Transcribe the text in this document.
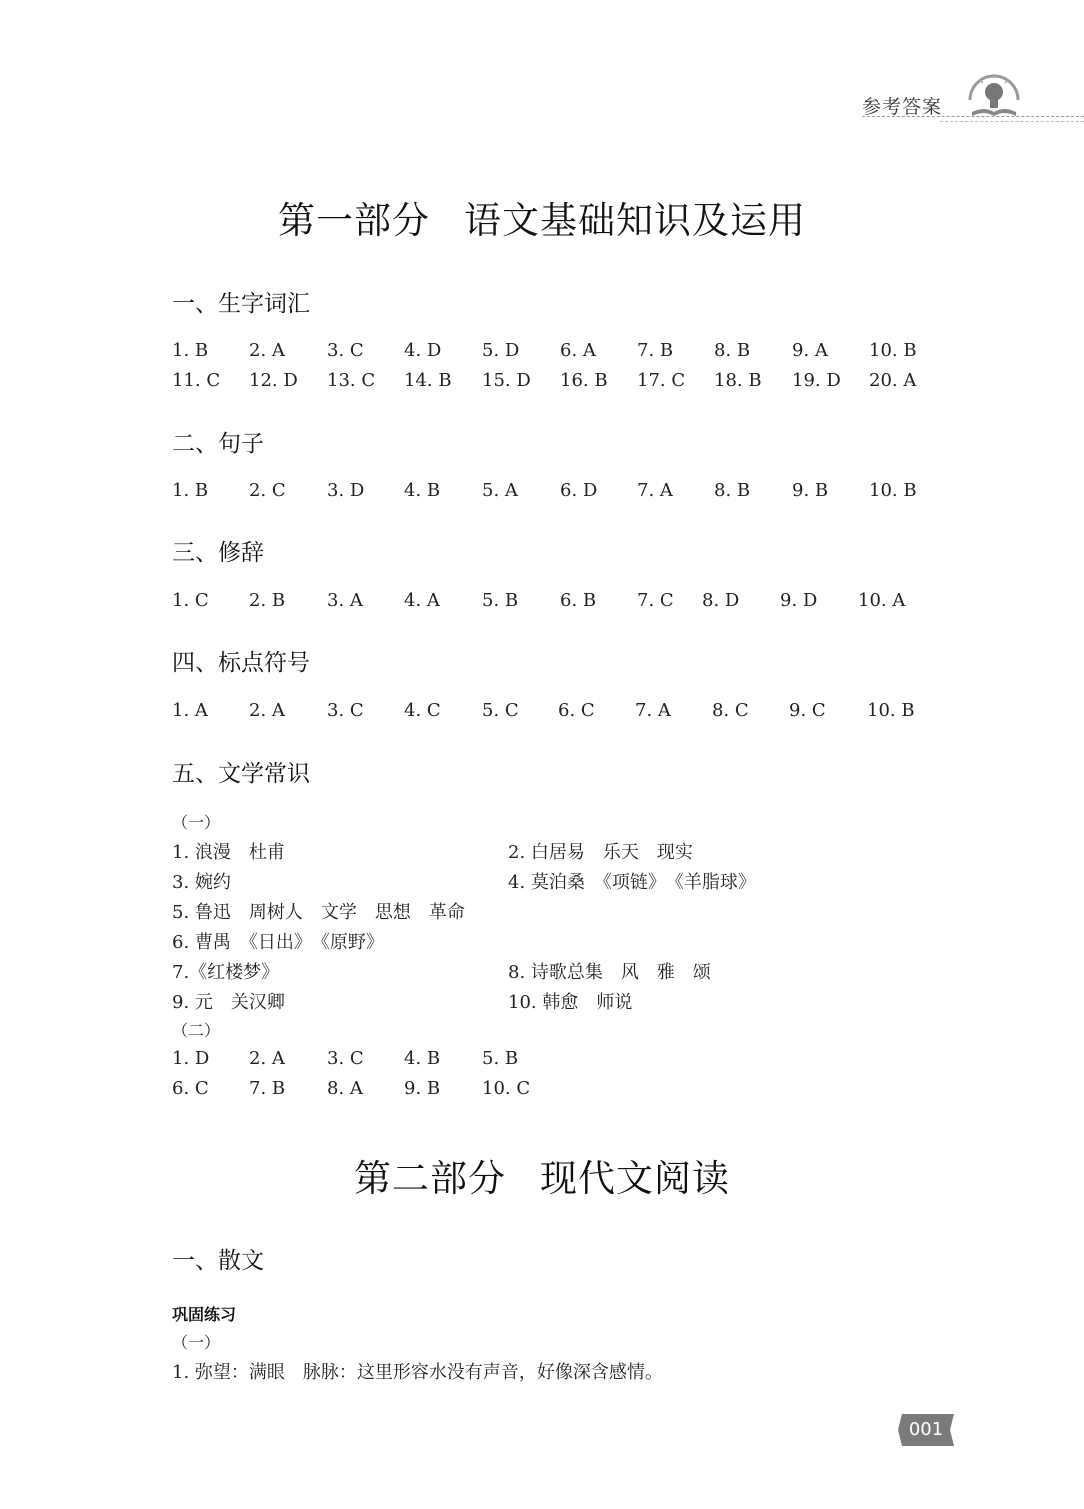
参考答案
第一部分 语文基础知识及运用
一、生字词汇
1. B 2. A 3. C 4. D 5. D 6. A 7. B 8. B 9. A 10. B
11. C 12. D 13. C 14. B 15. D 16. B 17. C 18. B 19. D 20. A
二、句子
1. B 2. C 3. D 4. B 5. A 6. D 7. A 8. B 9. B 10. B
三、修辞
1. C 2. B 3. A 4. A 5. B 6. B 7. C 8. D 9. D 10. A
四、标点符号
1. A 2. A 3. C 4. C 5. C 6. C 7. A 8. C 9. C 10. B
五、文学常识
（一）
1. 浪漫　杜甫	2. 白居易　乐天　现实
3. 婉约	4. 莫泊桑　《项链》　《羊脂球》
5. 鲁迅　周树人　文学　思想　革命
6. 曹禺　《日出》　《原野》
7.《红楼梦》	8. 诗歌总集　风　雅　颂
9. 元　关汉卿	10. 韩愈　师说
（二）
1. D 2. A 3. C 4. B 5. B
6. C 7. B 8. A 9. B 10. C
第二部分 现代文阅读
一、散文
巩固练习
（一）
1. 弥望：满眼　脉脉：这里形容水没有声音，好像深含感情。
001
